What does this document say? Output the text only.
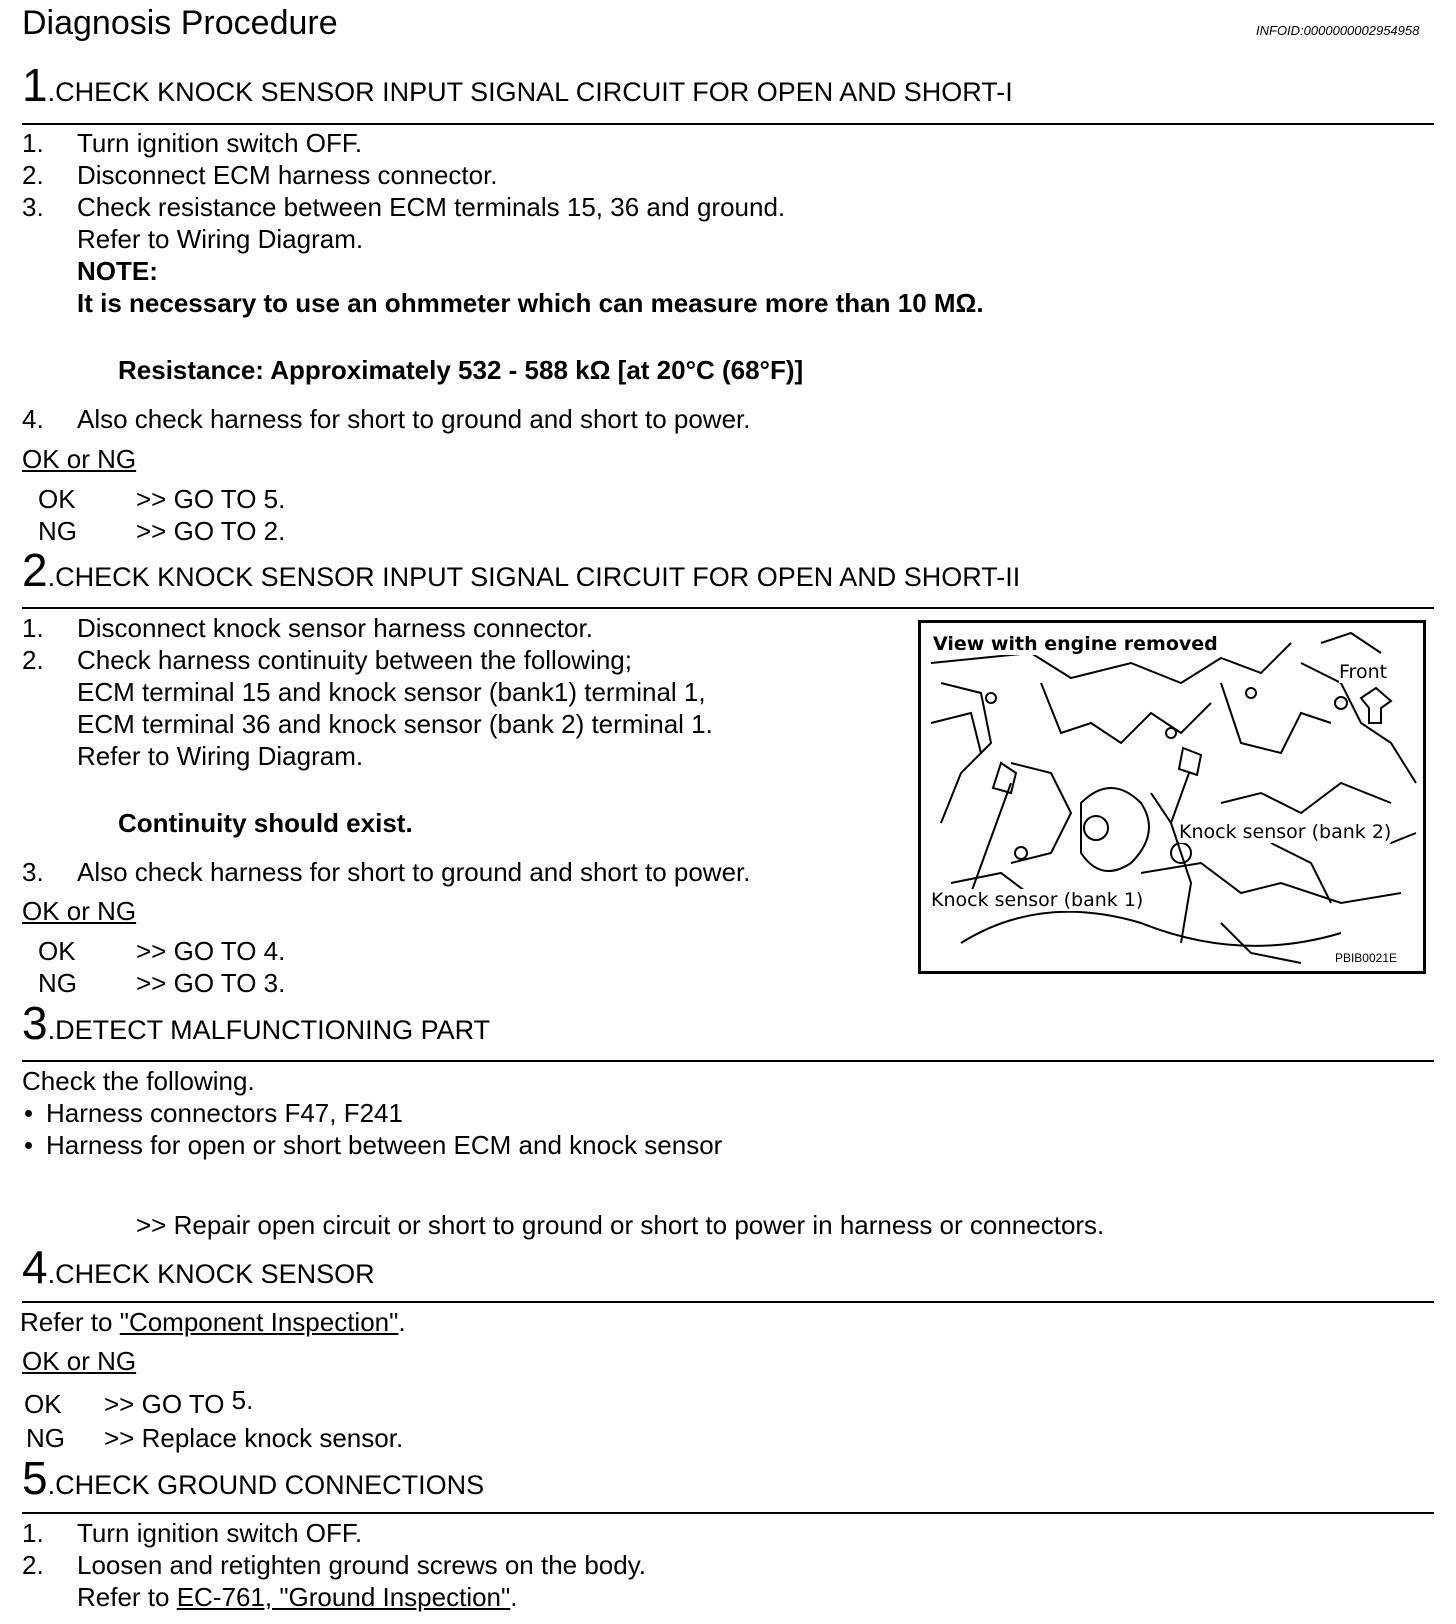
Diagnosis Procedure	INFOID:0000000002954958
1.CHECK KNOCK SENSOR INPUT SIGNAL CIRCUIT FOR OPEN AND SHORT-I
1. Turn ignition switch OFF.
2. Disconnect ECM harness connector.
3. Check resistance between ECM terminals 15, 36 and ground.
Refer to Wiring Diagram.
NOTE:
It is necessary to use an ohmmeter which can measure more than 10 MΩ.
Resistance: Approximately 532 - 588 kΩ [at 20°C (68°F)]
4. Also check harness for short to ground and short to power.
OK or NG
OK >> GO TO 5.
NG >> GO TO 2.
2.CHECK KNOCK SENSOR INPUT SIGNAL CIRCUIT FOR OPEN AND SHORT-II
1. Disconnect knock sensor harness connector.
2. Check harness continuity between the following;
ECM terminal 15 and knock sensor (bank1) terminal 1,
ECM terminal 36 and knock sensor (bank 2) terminal 1.
Refer to Wiring Diagram.
Continuity should exist.
3. Also check harness for short to ground and short to power.
OK or NG
OK >> GO TO 4.
NG >> GO TO 3.
View with engine removed
Front
Knock sensor (bank 2)
Knock sensor (bank 1)
PBIB0021E
3.DETECT MALFUNCTIONING PART
Check the following.
• Harness connectors F47, F241
• Harness for open or short between ECM and knock sensor
>> Repair open circuit or short to ground or short to power in harness or connectors.
4.CHECK KNOCK SENSOR
Refer to "Component Inspection".
OK or NG
OK >> GO TO 5.
NG >> Replace knock sensor.
5.CHECK GROUND CONNECTIONS
1. Turn ignition switch OFF.
2. Loosen and retighten ground screws on the body.
Refer to EC-761, "Ground Inspection".
